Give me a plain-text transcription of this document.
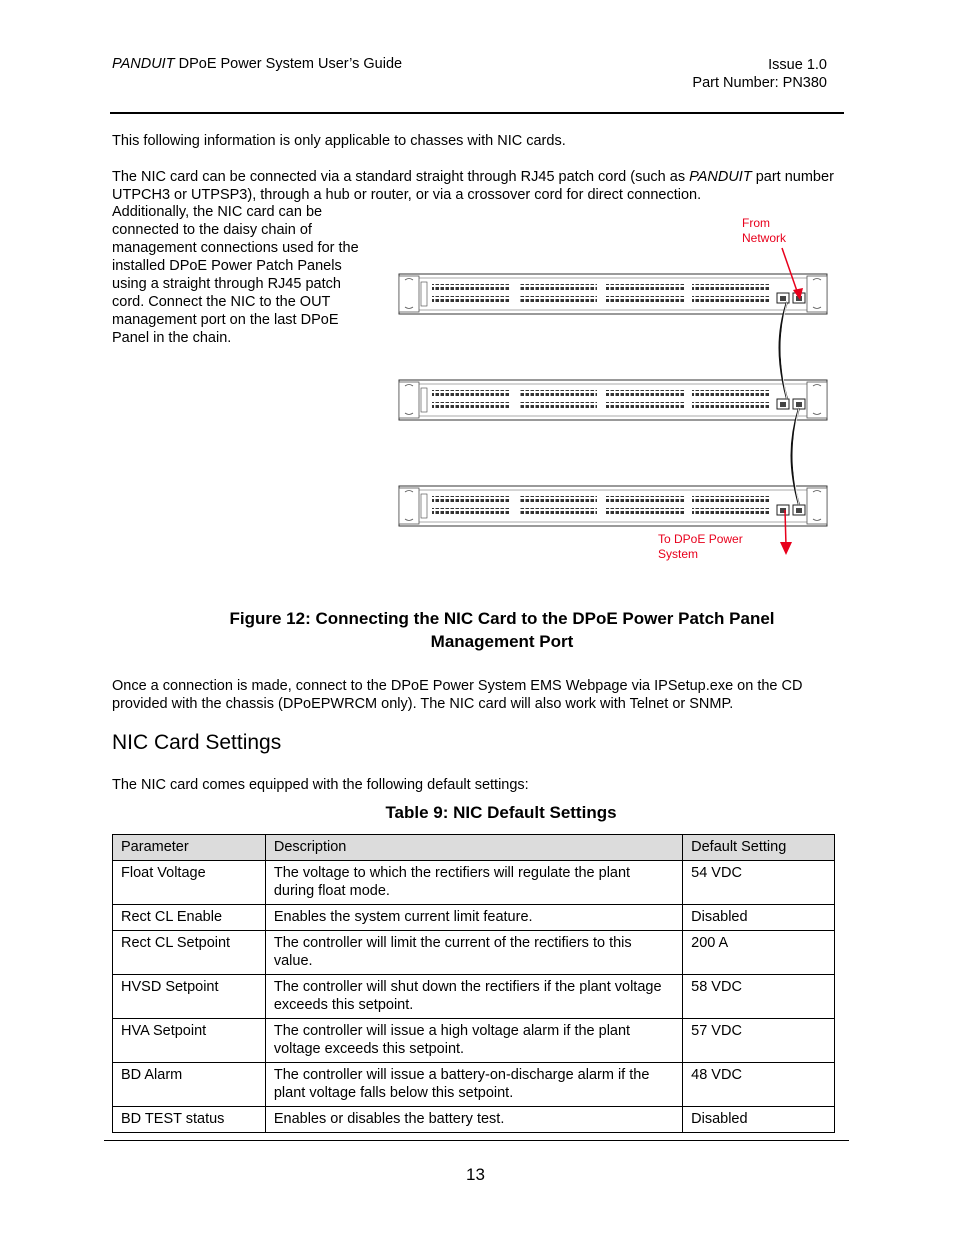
PANDUIT DPoE Power System User’s Guide	Issue 1.0
Part Number: PN380
This following information is only applicable to chasses with NIC cards.
The NIC card can be connected via a standard straight through RJ45 patch cord (such as PANDUIT part number UTPCH3 or UTPSP3), through a hub or router, or via a crossover cord for direct connection.
Additionally, the NIC card can be connected to the daisy chain of management connections used for the installed DPoE Power Patch Panels using a straight through RJ45 patch cord. Connect the NIC to the OUT management port on the last DPoE Panel in the chain.
From
Network
To DPoE Power
System
Figure 12: Connecting the NIC Card to the DPoE Power Patch Panel
Management Port
Once a connection is made, connect to the DPoE Power System EMS Webpage via IPSetup.exe on the CD provided with the chassis (DPoEPWRCM only). The NIC card will also work with Telnet or SNMP.
NIC Card Settings
The NIC card comes equipped with the following default settings:
Table 9: NIC Default Settings
Parameter	Description	Default Setting
Float Voltage	The voltage to which the rectifiers will regulate the plant during float mode.	54 VDC
Rect CL Enable	Enables the system current limit feature.	Disabled
Rect CL Setpoint	The controller will limit the current of the rectifiers to this value.	200 A
HVSD Setpoint	The controller will shut down the rectifiers if the plant voltage exceeds this setpoint.	58 VDC
HVA Setpoint	The controller will issue a high voltage alarm if the plant voltage exceeds this setpoint.	57 VDC
BD Alarm	The controller will issue a battery-on-discharge alarm if the plant voltage falls below this setpoint.	48 VDC
BD TEST status	Enables or disables the battery test.	Disabled
13
